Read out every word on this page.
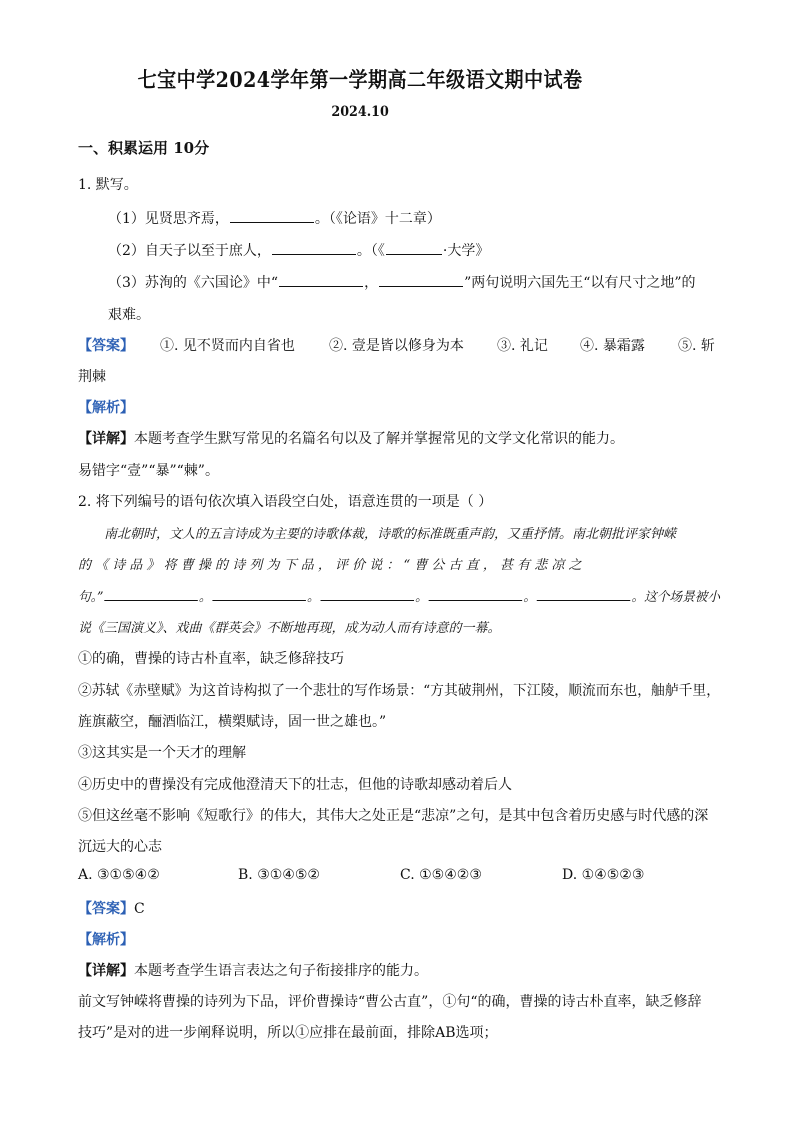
七宝中学2024学年第一学期高二年级语文期中试卷
2024.10
一、积累运用 10分
1. 默写。
（1）见贤思齐焉，	。（《论语》十二章）
（2）自天子以至于庶人，	。（《	·大学》
（3）苏洵的《六国论》中“	，	”两句说明六国先王“以有尺寸之地”的
艰难。
【答案】 ①. 见不贤而内自省也 ②. 壹是皆以修身为本 ③. 礼记 ④. 暴霜露 ⑤. 斩
荆棘
【解析】
【详解】本题考查学生默写常见的名篇名句以及了解并掌握常见的文学文化常识的能力。
易错字“壹”“暴”“棘”。
2. 将下列编号的语句依次填入语段空白处，语意连贯的一项是（ ）
南北朝时，文人的五言诗成为主要的诗歌体裁，诗歌的标准既重声韵，又重抒情。南北朝批评家钟嵘
的 《 诗 品 》 将 曹 操 的 诗 列 为 下 品 ， 评 价 说 ： “ 曹 公 古 直 ， 甚 有 悲 凉 之
句。”	。	。	。	。	。这个场景被小
说《三国演义》、戏曲《群英会》不断地再现，成为动人而有诗意的一幕。
①的确，曹操的诗古朴直率，缺乏修辞技巧
②苏轼《赤壁赋》为这首诗构拟了一个悲壮的写作场景：“方其破荆州，下江陵，顺流而东也，舳舻千里，
旌旗蔽空，酾酒临江，横槊赋诗，固一世之雄也。”
③这其实是一个天才的理解
④历史中的曹操没有完成他澄清天下的壮志，但他的诗歌却感动着后人
⑤但这丝毫不影响《短歌行》的伟大，其伟大之处正是“悲凉”之句，是其中包含着历史感与时代感的深
沉远大的心志
A. ③①⑤④②	B. ③①④⑤②	C. ①⑤④②③	D. ①④⑤②③
【答案】C
【解析】
【详解】本题考查学生语言表达之句子衔接排序的能力。
前文写钟嵘将曹操的诗列为下品，评价曹操诗“曹公古直”，①句“的确，曹操的诗古朴直率，缺乏修辞
技巧”是对的进一步阐释说明，所以①应排在最前面，排除AB选项；
